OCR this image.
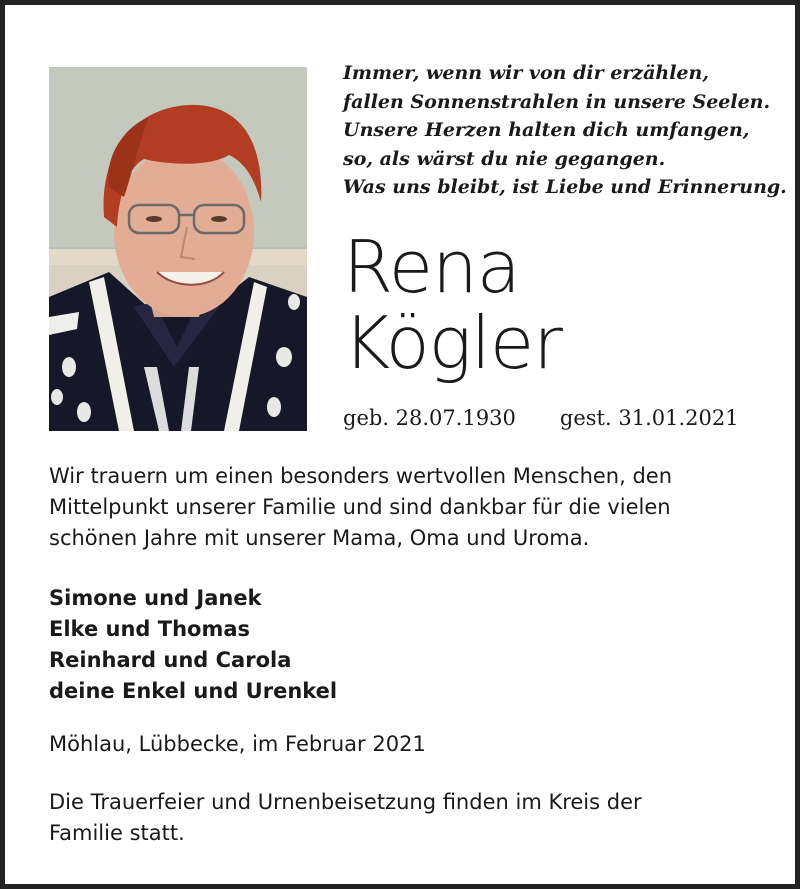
Immer, wenn wir von dir erzählen,
fallen Sonnenstrahlen in unsere Seelen.
Unsere Herzen halten dich umfangen,
so, als wärst du nie gegangen.
Was uns bleibt, ist Liebe und Erinnerung.
Rena
Kögler
geb. 28.07.1930 gest. 31.01.2021
Wir trauern um einen besonders wertvollen Menschen, den
Mittelpunkt unserer Familie und sind dankbar für die vielen
schönen Jahre mit unserer Mama, Oma und Uroma.
Simone und Janek
Elke und Thomas
Reinhard und Carola
deine Enkel und Urenkel
Möhlau, Lübbecke, im Februar 2021
Die Trauerfeier und Urnenbeisetzung finden im Kreis der
Familie statt.
